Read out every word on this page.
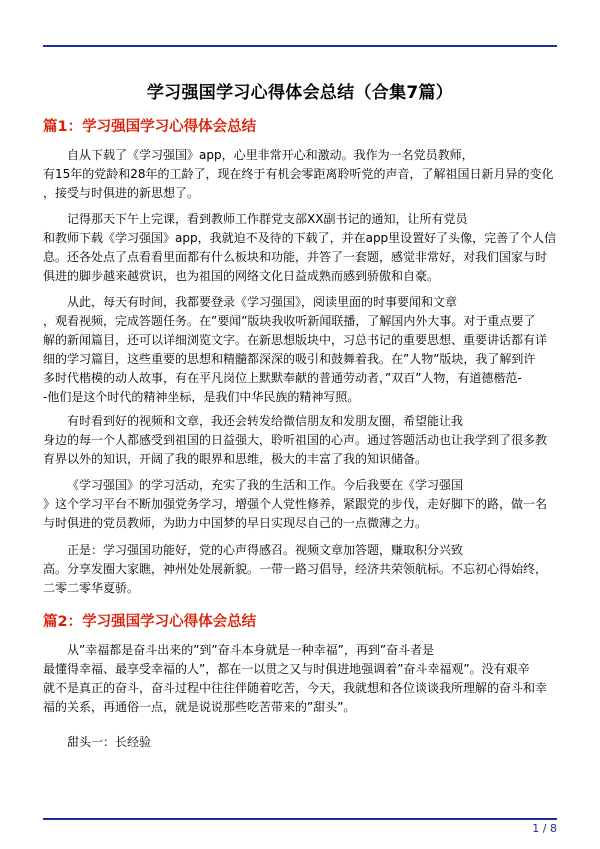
学习强国学习心得体会总结（合集7篇）
篇1：学习强国学习心得体会总结
自从下载了《学习强国》app，心里非常开心和激动。我作为一名党员教师，
有15年的党龄和28年的工龄了，现在终于有机会零距离聆听党的声音，了解祖国日新月异的变化
，接受与时俱进的新思想了。
记得那天下午上完课，看到教师工作群党支部XX副书记的通知，让所有党员
和教师下载《学习强国》app，我就迫不及待的下载了，并在app里设置好了头像，完善了个人信
息。还各处点了点看看里面都有什么板块和功能，并答了一套题，感觉非常好，对我们国家与时
俱进的脚步越来越赏识，也为祖国的网络文化日益成熟而感到骄傲和自豪。
从此，每天有时间，我都要登录《学习强国》，阅读里面的时事要闻和文章
，观看视频，完成答题任务。在”要闻”版块我收听新闻联播，了解国内外大事。对于重点要了
解的新闻篇目，还可以详细浏览文字。在新思想版块中，习总书记的重要思想、重要讲话都有详
细的学习篇目，这些重要的思想和精髓都深深的吸引和鼓舞着我。在”人物”版块，我了解到许
多时代楷模的动人故事，有在平凡岗位上默默奉献的普通劳动者，”双百”人物，有道德楷范-
-他们是这个时代的精神坐标，是我们中华民族的精神写照。
有时看到好的视频和文章，我还会转发给微信朋友和发朋友圈，希望能让我
身边的每一个人都感受到祖国的日益强大，聆听祖国的心声。通过答题活动也让我学到了很多教
育界以外的知识，开阔了我的眼界和思维，极大的丰富了我的知识储备。
《学习强国》的学习活动，充实了我的生活和工作。今后我要在《学习强国
》这个学习平台不断加强党务学习，增强个人党性修养，紧跟党的步伐，走好脚下的路，做一名
与时俱进的党员教师，为助力中国梦的早日实现尽自己的一点微薄之力。
正是：学习强国功能好，党的心声得感召。视频文章加答题，赚取积分兴致
高。分享发圈大家瞧，神州处处展新貌。一带一路习倡导，经济共荣领航标。不忘初心得始终，
二零二零华夏骄。
篇2：学习强国学习心得体会总结
从”幸福都是奋斗出来的”到”奋斗本身就是一种幸福”，再到”奋斗者是
最懂得幸福、最享受幸福的人”，都在一以贯之又与时俱进地强调着”奋斗幸福观”。没有艰辛
就不是真正的奋斗，奋斗过程中往往伴随着吃苦，今天，我就想和各位谈谈我所理解的奋斗和幸
福的关系，再通俗一点，就是说说那些吃苦带来的”甜头”。
甜头一：长经验
1 / 8
